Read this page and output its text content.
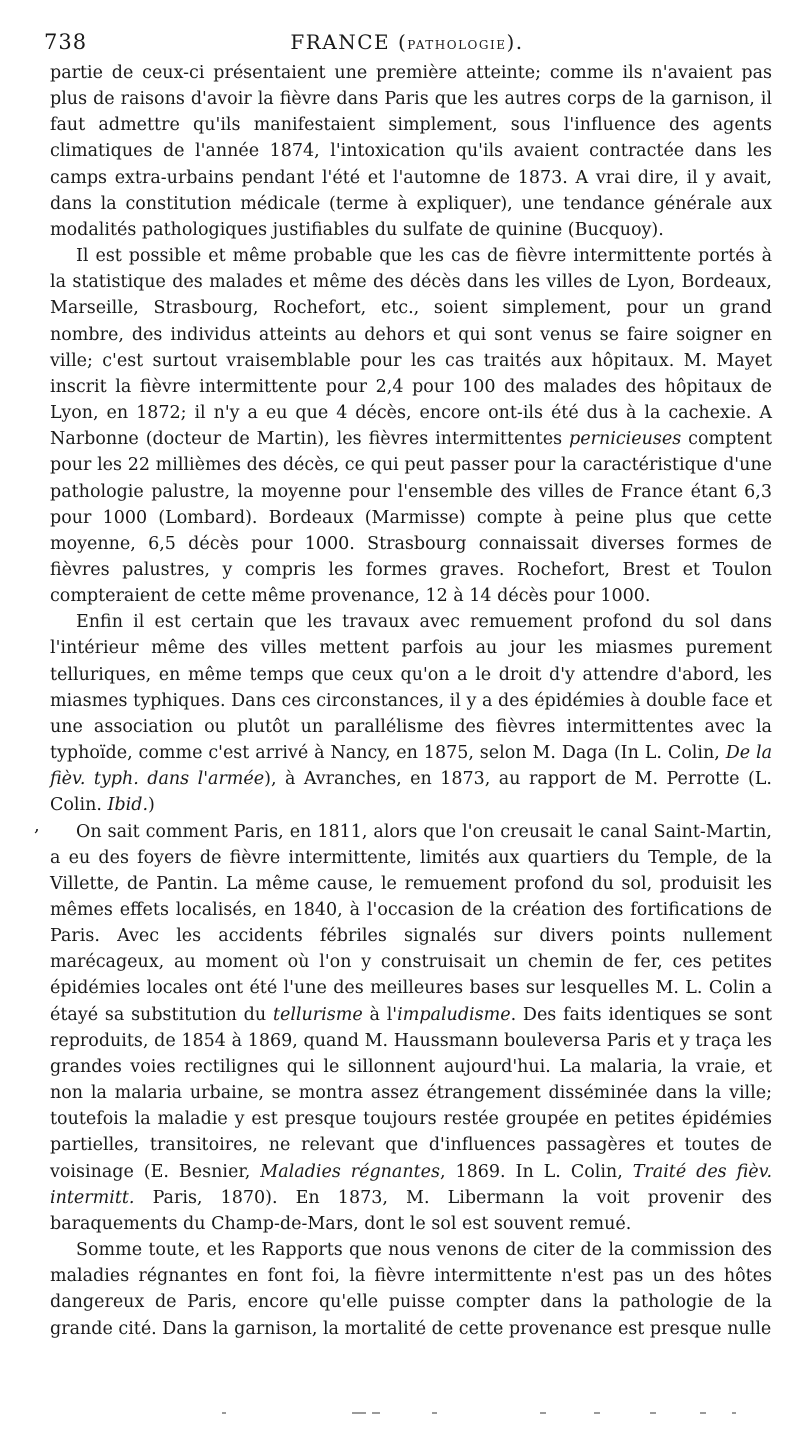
738	FRANCE (PATHOLOGIE).
,

partie de ceux-ci présentaient une première atteinte; comme ils n'avaient pas plus de raisons d'avoir la fièvre dans Paris que les autres corps de la garnison, il faut admettre qu'ils manifestaient simplement, sous l'influence des agents climatiques de l'année 1874, l'intoxication qu'ils avaient contractée dans les camps extra-urbains pendant l'été et l'automne de 1873. A vrai dire, il y avait, dans la constitution médicale (terme à expliquer), une tendance générale aux modalités pathologiques justifiables du sulfate de quinine (Bucquoy).

Il est possible et même probable que les cas de fièvre intermittente portés à la statistique des malades et même des décès dans les villes de Lyon, Bordeaux, Marseille, Strasbourg, Rochefort, etc., soient simplement, pour un grand nombre, des individus atteints au dehors et qui sont venus se faire soigner en ville; c'est surtout vraisemblable pour les cas traités aux hôpitaux. M. Mayet inscrit la fièvre intermittente pour 2,4 pour 100 des malades des hôpitaux de Lyon, en 1872; il n'y a eu que 4 décès, encore ont-ils été dus à la cachexie. A Narbonne (docteur de Martin), les fièvres intermittentes pernicieuses comptent pour les 22 millièmes des décès, ce qui peut passer pour la caractéristique d'une pathologie palustre, la moyenne pour l'ensemble des villes de France étant 6,3 pour 1000 (Lombard). Bordeaux (Marmisse) compte à peine plus que cette moyenne, 6,5 décès pour 1000. Strasbourg connaissait diverses formes de fièvres palustres, y compris les formes graves. Rochefort, Brest et Toulon compteraient de cette même provenance, 12 à 14 décès pour 1000.

Enfin il est certain que les travaux avec remuement profond du sol dans l'intérieur même des villes mettent parfois au jour les miasmes purement telluriques, en même temps que ceux qu'on a le droit d'y attendre d'abord, les miasmes typhiques. Dans ces circonstances, il y a des épidémies à double face et une association ou plutôt un parallélisme des fièvres intermittentes avec la typhoïde, comme c'est arrivé à Nancy, en 1875, selon M. Daga (In L. Colin, De la fièv. typh. dans l'armée), à Avranches, en 1873, au rapport de M. Perrotte (L. Colin. Ibid.)

On sait comment Paris, en 1811, alors que l'on creusait le canal Saint-Martin, a eu des foyers de fièvre intermittente, limités aux quartiers du Temple, de la Villette, de Pantin. La même cause, le remuement profond du sol, produisit les mêmes effets localisés, en 1840, à l'occasion de la création des fortifications de Paris. Avec les accidents fébriles signalés sur divers points nullement marécageux, au moment où l'on y construisait un chemin de fer, ces petites épidémies locales ont été l'une des meilleures bases sur lesquelles M. L. Colin a étayé sa substitution du tellurisme à l'impaludisme. Des faits identiques se sont reproduits, de 1854 à 1869, quand M. Haussmann bouleversa Paris et y traça les grandes voies rectilignes qui le sillonnent aujourd'hui. La malaria, la vraie, et non la malaria urbaine, se montra assez étrangement disséminée dans la ville; toutefois la maladie y est presque toujours restée groupée en petites épidémies partielles, transitoires, ne relevant que d'influences passagères et toutes de voisinage (E. Besnier, Maladies régnantes, 1869. In L. Colin, Traité des fièv. intermitt. Paris, 1870). En 1873, M. Libermann la voit provenir des baraquements du Champ-de-Mars, dont le sol est souvent remué.

Somme toute, et les Rapports que nous venons de citer de la commission des maladies régnantes en font foi, la fièvre intermittente n'est pas un des hôtes dangereux de Paris, encore qu'elle puisse compter dans la pathologie de la grande cité. Dans la garnison, la mortalité de cette provenance est presque nulle
